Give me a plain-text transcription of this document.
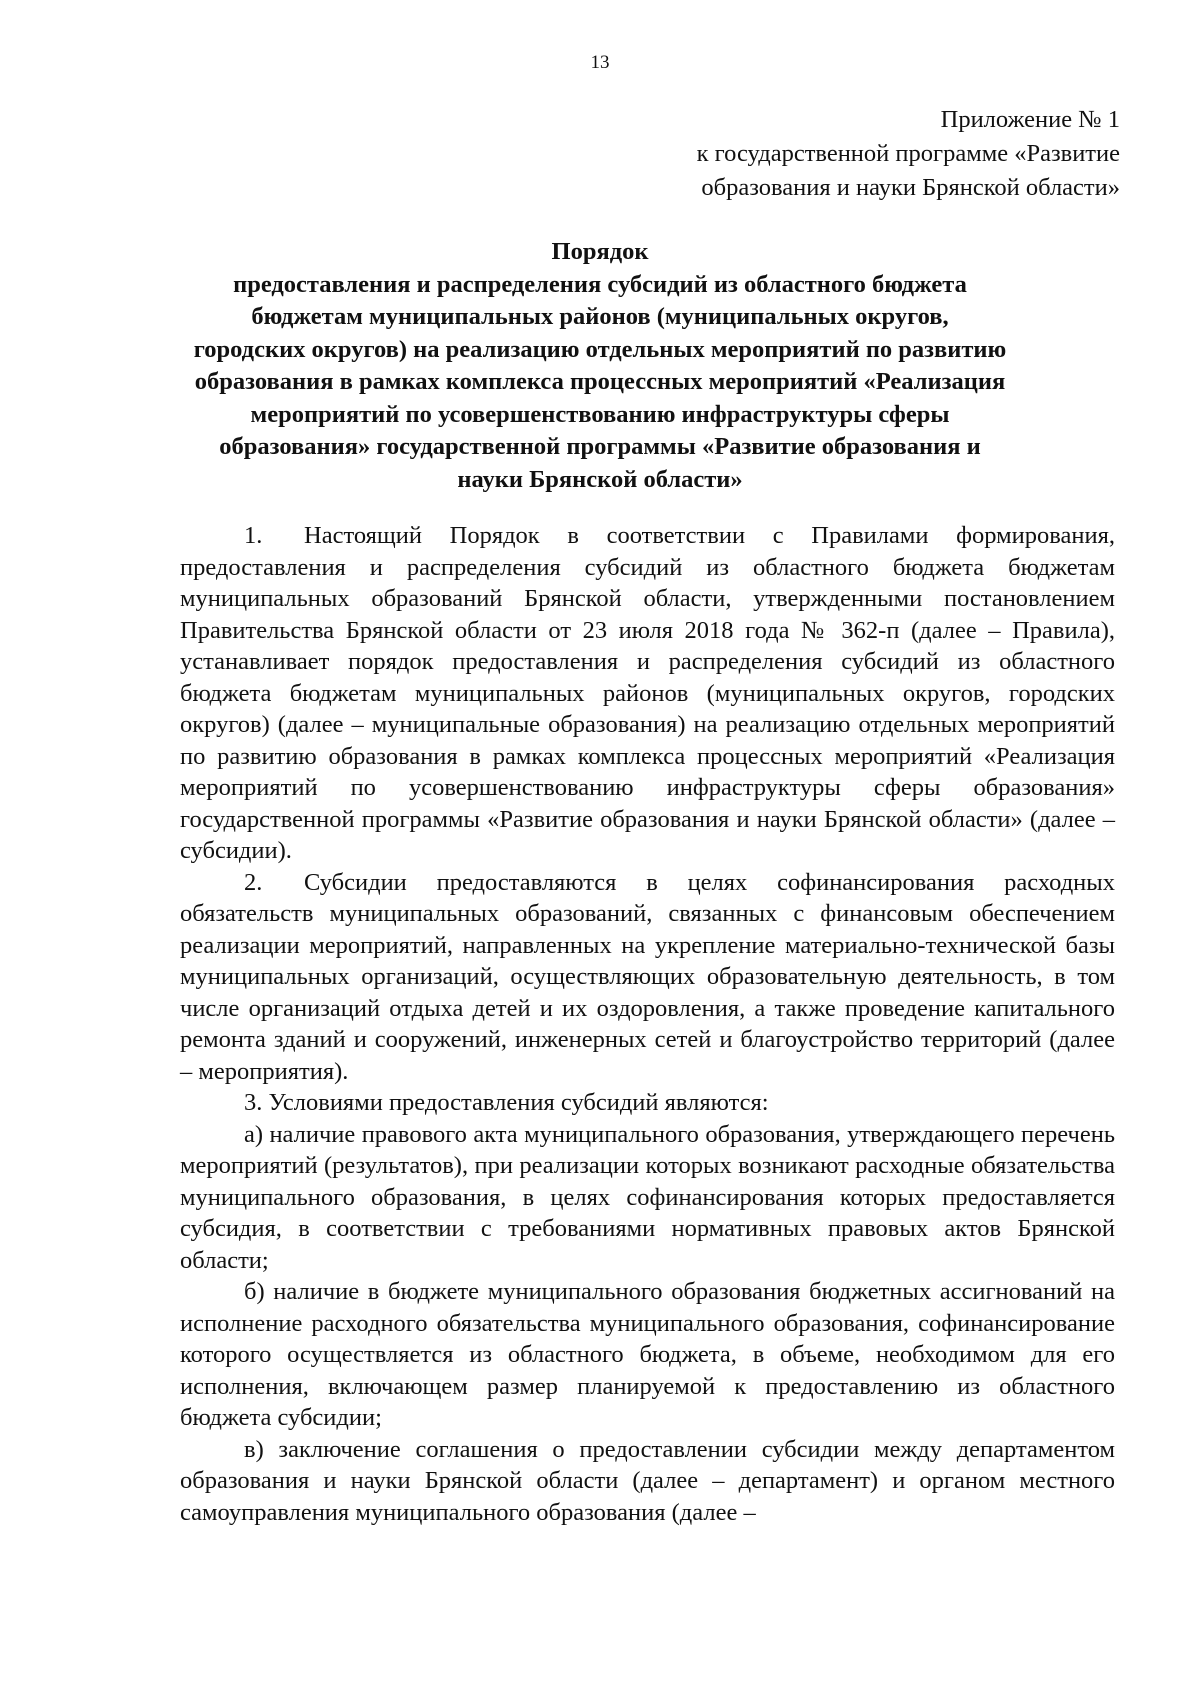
13
Приложение № 1
к государственной программе «Развитие
образования и науки Брянской области»
Порядок
предоставления и распределения субсидий из областного бюджета
бюджетам муниципальных районов (муниципальных округов,
городских округов) на реализацию отдельных мероприятий по развитию
образования в рамках комплекса процессных мероприятий «Реализация
мероприятий по усовершенствованию инфраструктуры сферы
образования» государственной программы «Развитие образования и
науки Брянской области»
1. Настоящий Порядок в соответствии с Правилами формирования, предоставления и распределения субсидий из областного бюджета бюджетам муниципальных образований Брянской области, утвержденными постановлением Правительства Брянской области от 23 июля 2018 года № 362-п (далее – Правила), устанавливает порядок предоставления и распределения субсидий из областного бюджета бюджетам муниципальных районов (муниципальных округов, городских округов) (далее – муниципальные образования) на реализацию отдельных мероприятий по развитию образования в рамках комплекса процессных мероприятий «Реализация мероприятий по усовершенствованию инфраструктуры сферы образования» государственной программы «Развитие образования и науки Брянской области» (далее – субсидии).
2. Субсидии предоставляются в целях софинансирования расходных обязательств муниципальных образований, связанных с финансовым обеспечением реализации мероприятий, направленных на укрепление материально-технической базы муниципальных организаций, осуществляющих образовательную деятельность, в том числе организаций отдыха детей и их оздоровления, а также проведение капитального ремонта зданий и сооружений, инженерных сетей и благоустройство территорий (далее – мероприятия).
3. Условиями предоставления субсидий являются:
а) наличие правового акта муниципального образования, утверждающего перечень мероприятий (результатов), при реализации которых возникают расходные обязательства муниципального образования, в целях софинансирования которых предоставляется субсидия, в соответствии с требованиями нормативных правовых актов Брянской области;
б) наличие в бюджете муниципального образования бюджетных ассигнований на исполнение расходного обязательства муниципального образования, софинансирование которого осуществляется из областного бюджета, в объеме, необходимом для его исполнения, включающем размер планируемой к предоставлению из областного бюджета субсидии;
в) заключение соглашения о предоставлении субсидии между департаментом образования и науки Брянской области (далее – департамент) и органом местного самоуправления муниципального образования (далее –
